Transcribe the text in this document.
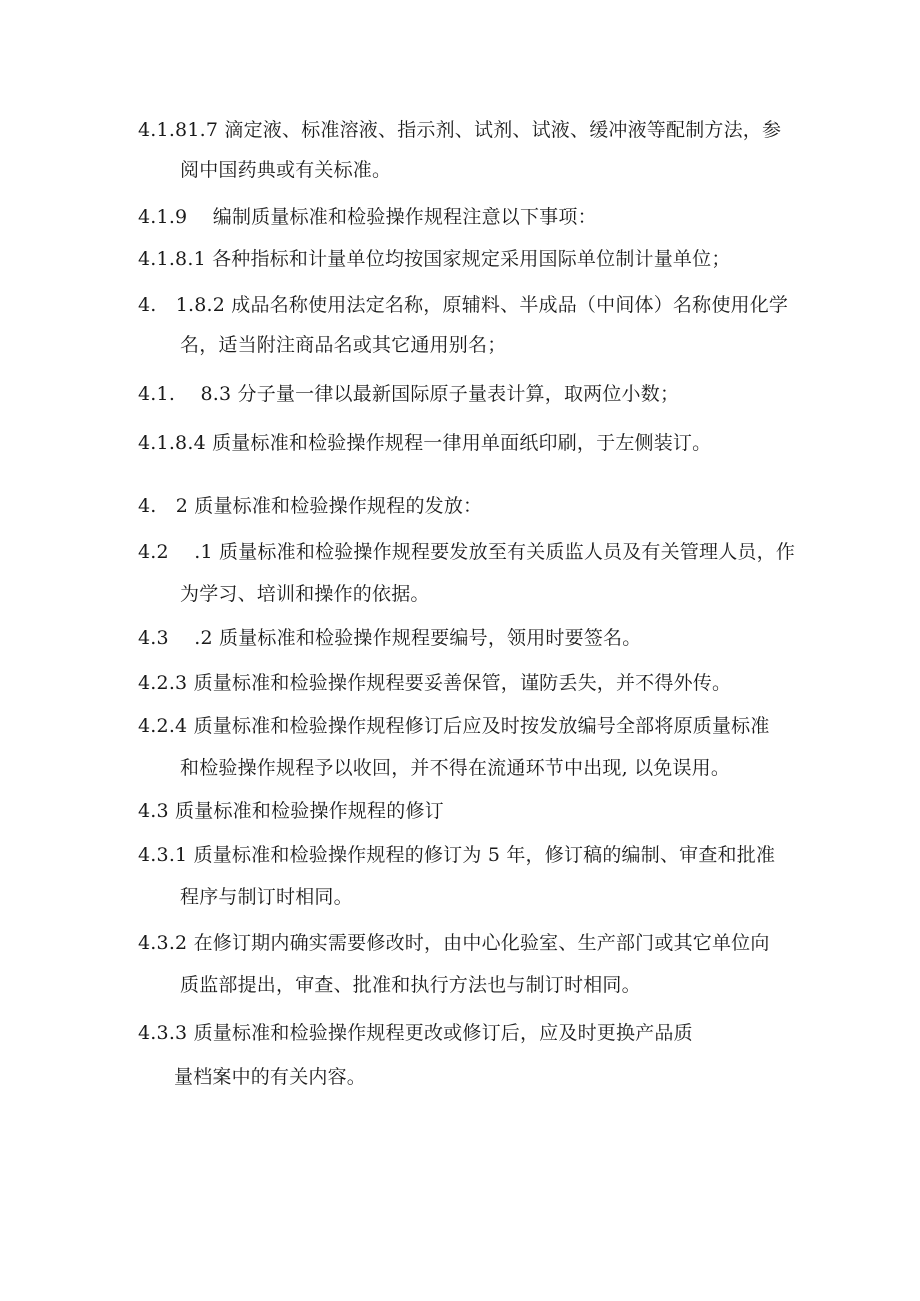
4.1.81.7 滴定液、标准溶液、指示剂、试剂、试液、缓冲液等配制方法，参
阅中国药典或有关标准。
4.1.9　 编制质量标准和检验操作规程注意以下事项：
4.1.8.1 各种指标和计量单位均按国家规定采用国际单位制计量单位；
4.　1.8.2 成品名称使用法定名称，原辅料、半成品（中间体）名称使用化学
名，适当附注商品名或其它通用别名；
4.1.　 8.3 分子量一律以最新国际原子量表计算，取两位小数；
4.1.8.4 质量标准和检验操作规程一律用单面纸印刷，于左侧装订。
4.　2 质量标准和检验操作规程的发放：
4.2　 .1 质量标准和检验操作规程要发放至有关质监人员及有关管理人员，作
为学习、培训和操作的依据。
4.3　 .2 质量标准和检验操作规程要编号，领用时要签名。
4.2.3 质量标准和检验操作规程要妥善保管，谨防丢失，并不得外传。
4.2.4 质量标准和检验操作规程修订后应及时按发放编号全部将原质量标准
和检验操作规程予以收回，并不得在流通环节中出现, 以免误用。
4.3 质量标准和检验操作规程的修订
4.3.1 质量标准和检验操作规程的修订为 5 年，修订稿的编制、审查和批准
程序与制订时相同。
4.3.2 在修订期内确实需要修改时，由中心化验室、生产部门或其它单位向
质监部提出，审查、批准和执行方法也与制订时相同。
4.3.3 质量标准和检验操作规程更改或修订后，应及时更换产品质
量档案中的有关内容。
